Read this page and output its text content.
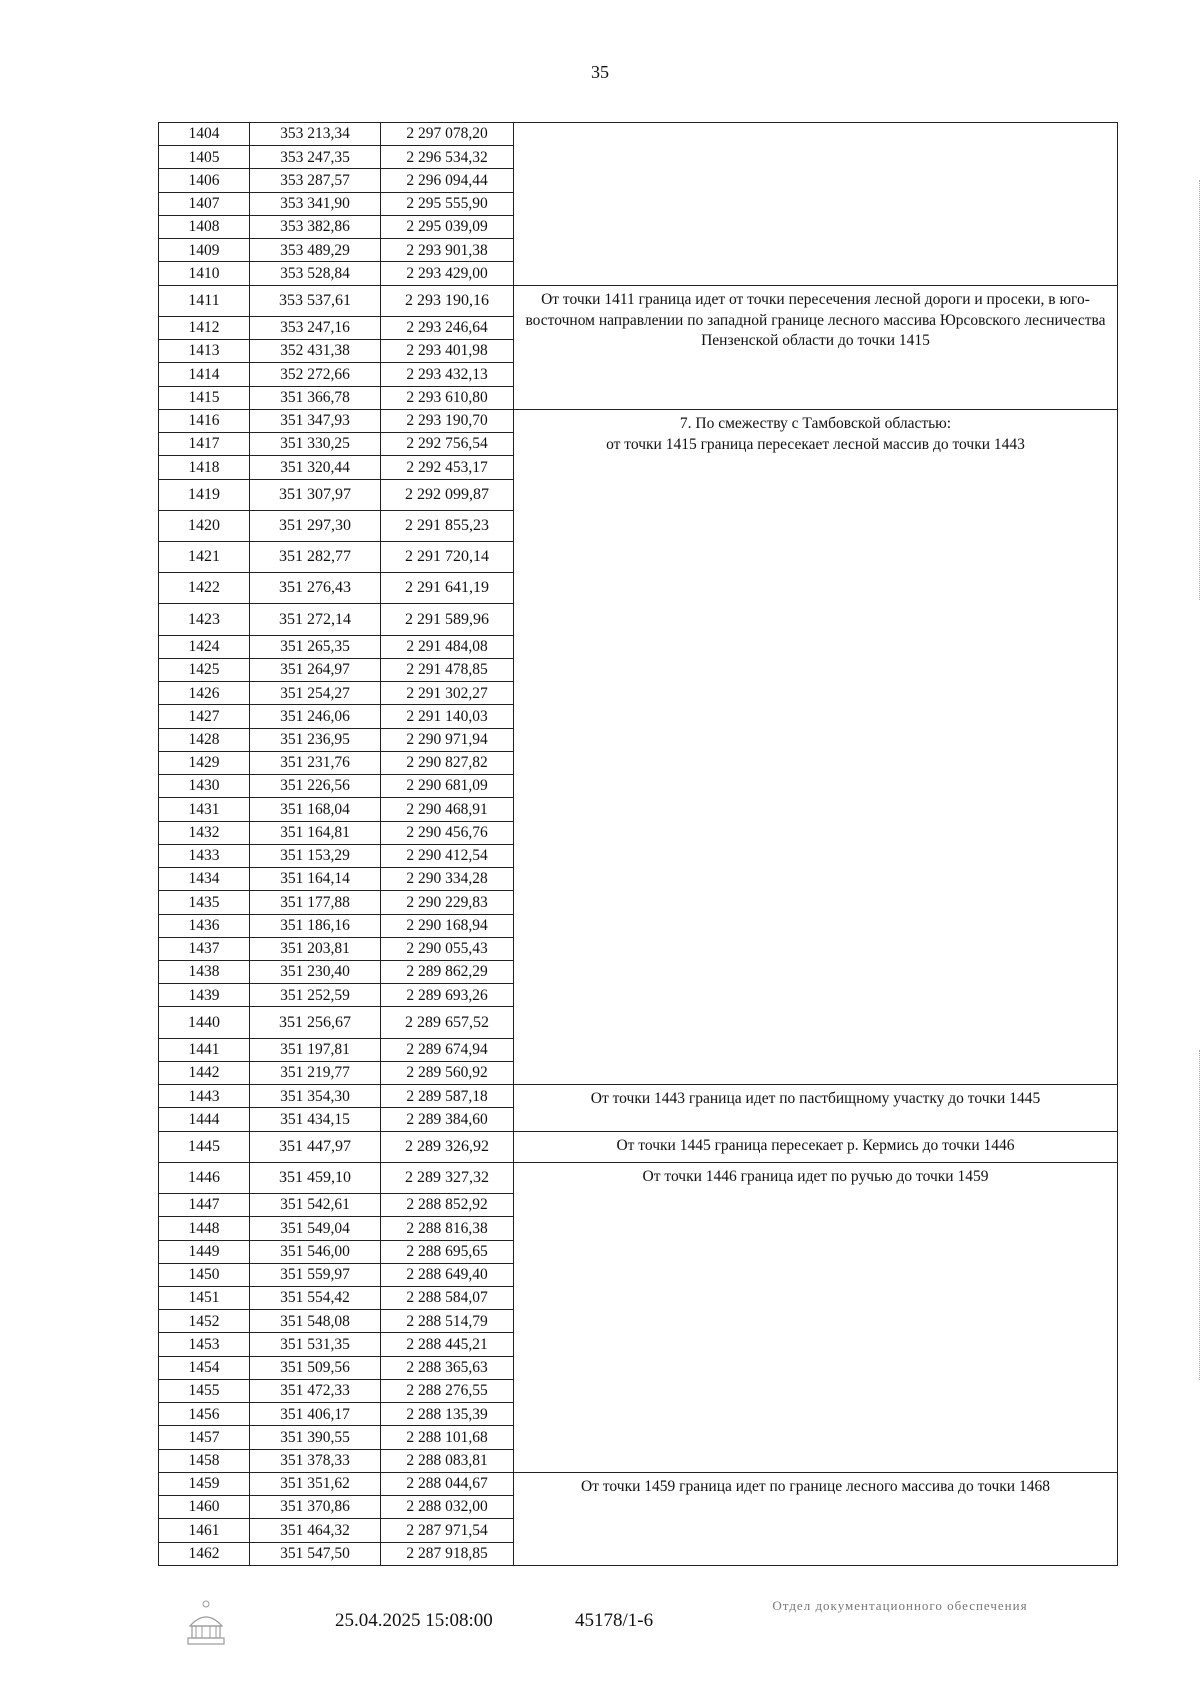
35
1404	353 213,34	2 297 078,20	
1405	353 247,35	2 296 534,32	
1406	353 287,57	2 296 094,44	
1407	353 341,90	2 295 555,90	
1408	353 382,86	2 295 039,09	
1409	353 489,29	2 293 901,38	
1410	353 528,84	2 293 429,00	
1411	353 537,61	2 293 190,16	От точки 1411 граница идет от точки пересечения лесной дороги и просеки, в юго-восточном направлении по западной границе лесного массива Юрсовского лесничества Пензенской области до точки 1415
1412	353 247,16	2 293 246,64	
1413	352 431,38	2 293 401,98	
1414	352 272,66	2 293 432,13	
1415	351 366,78	2 293 610,80	
1416	351 347,93	2 293 190,70	7. По смежеству с Тамбовской областью:
от точки 1415 граница пересекает лесной массив до точки 1443
1417	351 330,25	2 292 756,54	
1418	351 320,44	2 292 453,17	
1419	351 307,97	2 292 099,87	
1420	351 297,30	2 291 855,23	
1421	351 282,77	2 291 720,14	
1422	351 276,43	2 291 641,19	
1423	351 272,14	2 291 589,96	
1424	351 265,35	2 291 484,08	
1425	351 264,97	2 291 478,85	
1426	351 254,27	2 291 302,27	
1427	351 246,06	2 291 140,03	
1428	351 236,95	2 290 971,94	
1429	351 231,76	2 290 827,82	
1430	351 226,56	2 290 681,09	
1431	351 168,04	2 290 468,91	
1432	351 164,81	2 290 456,76	
1433	351 153,29	2 290 412,54	
1434	351 164,14	2 290 334,28	
1435	351 177,88	2 290 229,83	
1436	351 186,16	2 290 168,94	
1437	351 203,81	2 290 055,43	
1438	351 230,40	2 289 862,29	
1439	351 252,59	2 289 693,26	
1440	351 256,67	2 289 657,52	
1441	351 197,81	2 289 674,94	
1442	351 219,77	2 289 560,92	
1443	351 354,30	2 289 587,18	От точки 1443 граница идет по пастбищному участку до точки 1445
1444	351 434,15	2 289 384,60	
1445	351 447,97	2 289 326,92	От точки 1445 граница пересекает р. Кермись до точки 1446
1446	351 459,10	2 289 327,32	От точки 1446 граница идет по ручью до точки 1459
1447	351 542,61	2 288 852,92	
1448	351 549,04	2 288 816,38	
1449	351 546,00	2 288 695,65	
1450	351 559,97	2 288 649,40	
1451	351 554,42	2 288 584,07	
1452	351 548,08	2 288 514,79	
1453	351 531,35	2 288 445,21	
1454	351 509,56	2 288 365,63	
1455	351 472,33	2 288 276,55	
1456	351 406,17	2 288 135,39	
1457	351 390,55	2 288 101,68	
1458	351 378,33	2 288 083,81	
1459	351 351,62	2 288 044,67	От точки 1459 граница идет по границе лесного массива до точки 1468
1460	351 370,86	2 288 032,00	
1461	351 464,32	2 287 971,54	
1462	351 547,50	2 287 918,85	
25.04.2025 15:08:00	45178/1-6
Отдел документационного обеспечения
